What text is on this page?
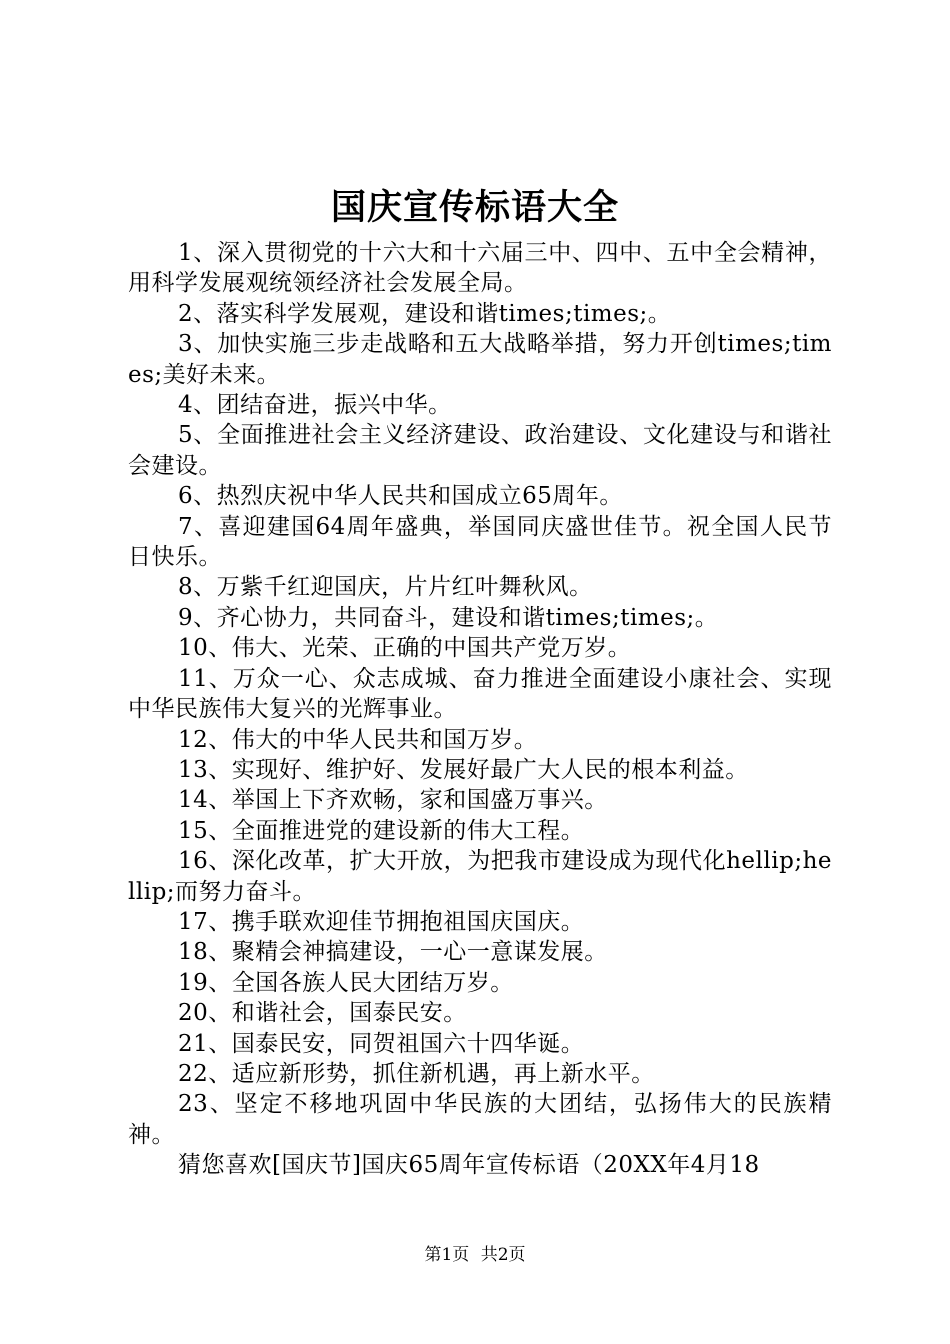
国庆宣传标语大全

1、深入贯彻党的十六大和十六届三中、四中、五中全会精神，用科学发展观统领经济社会发展全局。

2、落实科学发展观，建设和谐times;times;。

3、加快实施三步走战略和五大战略举措，努力开创times;times;美好未来。

4、团结奋进，振兴中华。

5、全面推进社会主义经济建设、政治建设、文化建设与和谐社会建设。

6、热烈庆祝中华人民共和国成立65周年。

7、喜迎建国64周年盛典，举国同庆盛世佳节。祝全国人民节日快乐。

8、万紫千红迎国庆，片片红叶舞秋风。

9、齐心协力，共同奋斗，建设和谐times;times;。

10、伟大、光荣、正确的中国共产党万岁。

11、万众一心、众志成城、奋力推进全面建设小康社会、实现中华民族伟大复兴的光辉事业。

12、伟大的中华人民共和国万岁。

13、实现好、维护好、发展好最广大人民的根本利益。

14、举国上下齐欢畅，家和国盛万事兴。

15、全面推进党的建设新的伟大工程。

16、深化改革，扩大开放，为把我市建设成为现代化hellip;hellip;而努力奋斗。

17、携手联欢迎佳节拥抱祖国庆国庆。

18、聚精会神搞建设，一心一意谋发展。

19、全国各族人民大团结万岁。

20、和谐社会，国泰民安。

21、国泰民安，同贺祖国六十四华诞。

22、适应新形势，抓住新机遇，再上新水平。

23、坚定不移地巩固中华民族的大团结，弘扬伟大的民族精神。

猜您喜欢[国庆节]国庆65周年宣传标语（20XX年4月18

第1页 共2页
